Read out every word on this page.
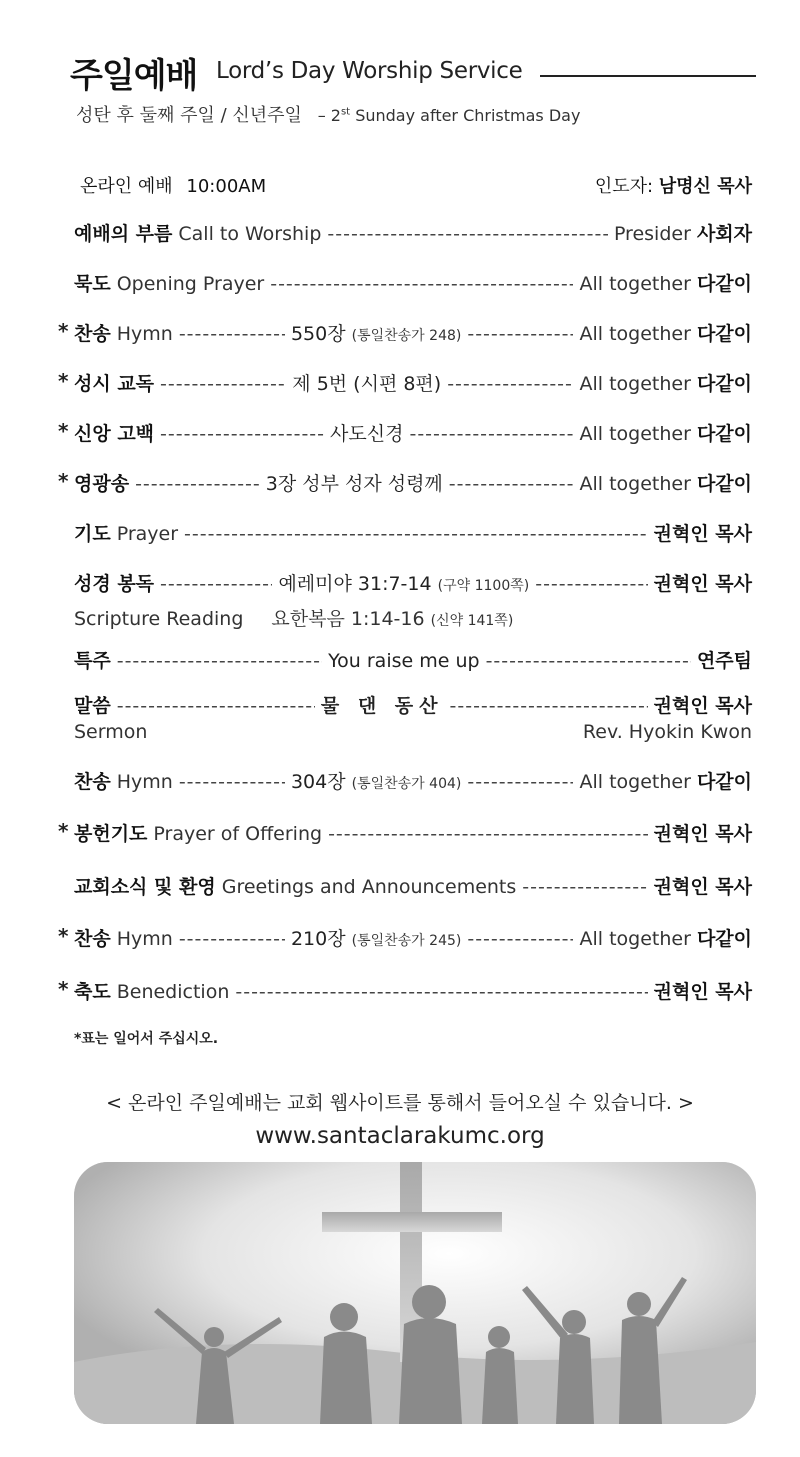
주일예배 Lord’s Day Worship Service
성탄 후 둘째 주일 / 신년주일 – 2st Sunday after Christmas Day
온라인 예배 10:00AM	인도자: 남명신 목사
예배의 부름 Call to Worship -----	Presider 사회자
묵도 Opening Prayer -----	All together 다같이
* 찬송 Hymn -----	550장 (통일찬송가 248) -----	All together 다같이
* 성시 교독 -----	제 5번 (시편 8편) -----	All together 다같이
* 신앙 고백 -----	사도신경 -----	All together 다같이
* 영광송 -----	3장 성부 성자 성령께 -----	All together 다같이
기도 Prayer -----	권혁인 목사
성경 봉독 -----	예레미야 31:7-14 (구약 1100쪽) -----	권혁인 목사
Scripture Reading 요한복음 1:14-16 (신약 141쪽)
특주 -----	You raise me up -----	연주팀
말씀 -----	물 댄 동산 -----	권혁인 목사
Sermon	Rev. Hyokin Kwon
찬송 Hymn -----	304장 (통일찬송가 404) -----	All together 다같이
* 봉헌기도 Prayer of Offering -----	권혁인 목사
교회소식 및 환영 Greetings and Announcements -----	권혁인 목사
* 찬송 Hymn -----	210장 (통일찬송가 245) -----	All together 다같이
* 축도 Benediction -----	권혁인 목사
*표는 일어서 주십시오.
< 온라인 주일예배는 교회 웹사이트를 통해서 들어오실 수 있습니다. >
www.santaclarakumc.org
